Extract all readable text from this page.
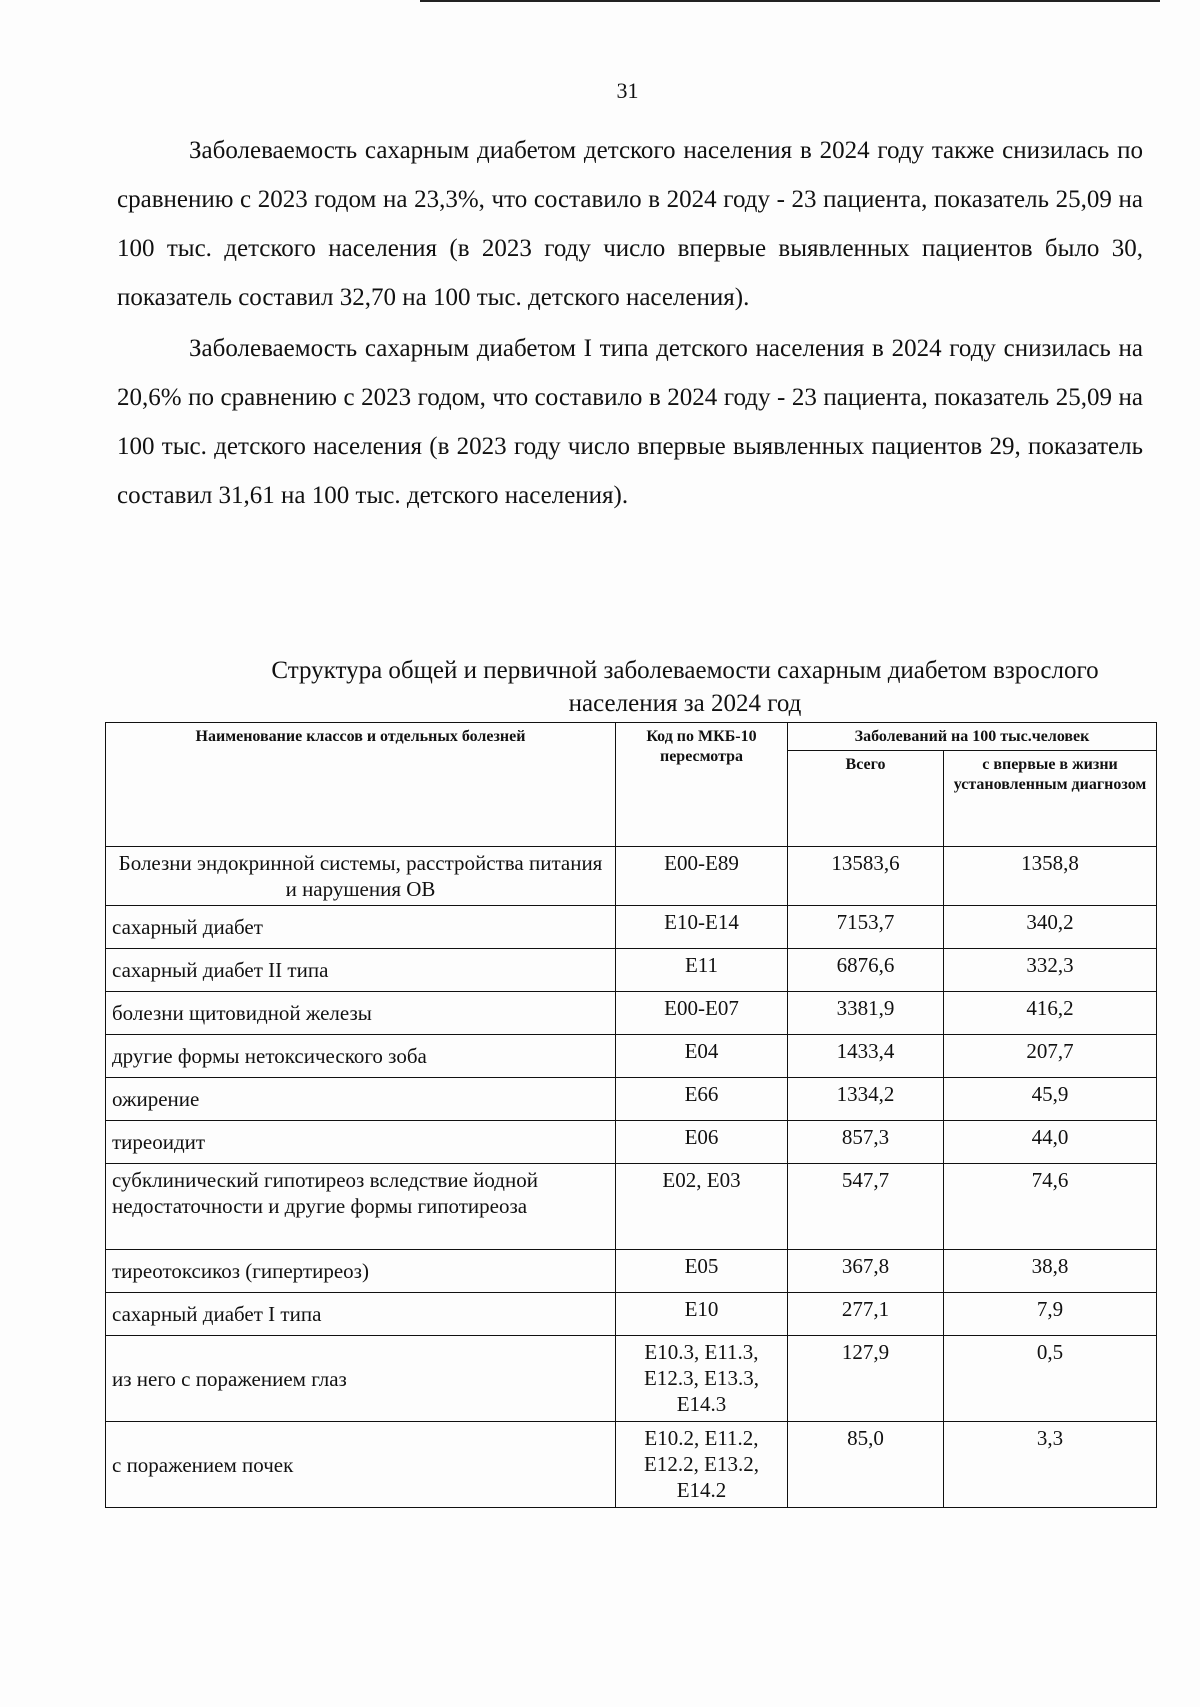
31

Заболеваемость сахарным диабетом детского населения в 2024 году также снизилась по сравнению с 2023 годом на 23,3%, что составило в 2024 году - 23 пациента, показатель 25,09 на 100 тыс. детского населения (в 2023 году число впервые выявленных пациентов было 30, показатель составил 32,70 на 100 тыс. детского населения).

Заболеваемость сахарным диабетом I типа детского населения в 2024 году снизилась на 20,6% по сравнению с 2023 годом, что составило в 2024 году - 23 пациента, показатель 25,09 на 100 тыс. детского населения (в 2023 году число впервые выявленных пациентов 29, показатель составил 31,61 на 100 тыс. детского населения).

Структура общей и первичной заболеваемости сахарным диабетом взрослого
населения за 2024 год
Наименование классов и отдельных болезней	Код по МКБ-10 пересмотра	Заболеваний на 100 тыс.человек	
		Всего	с впервые в жизни установленным диагнозом
Болезни эндокринной системы, расстройства питания и нарушения ОВ	E00-E89	13583,6	1358,8
сахарный диабет	E10-E14	7153,7	340,2
сахарный диабет II типа	E11	6876,6	332,3
болезни щитовидной железы	E00-E07	3381,9	416,2
другие формы нетоксического зоба	E04	1433,4	207,7
ожирение	E66	1334,2	45,9
тиреоидит	E06	857,3	44,0
субклинический гипотиреоз вследствие йодной недостаточности и другие формы гипотиреоза	E02, E03	547,7	74,6
тиреотоксикоз (гипертиреоз)	E05	367,8	38,8
сахарный диабет I типа	E10	277,1	7,9
из него с поражением глаз	E10.3, E11.3, E12.3, E13.3, E14.3	127,9	0,5
с поражением почек	E10.2, E11.2, E12.2, E13.2, E14.2	85,0	3,3
